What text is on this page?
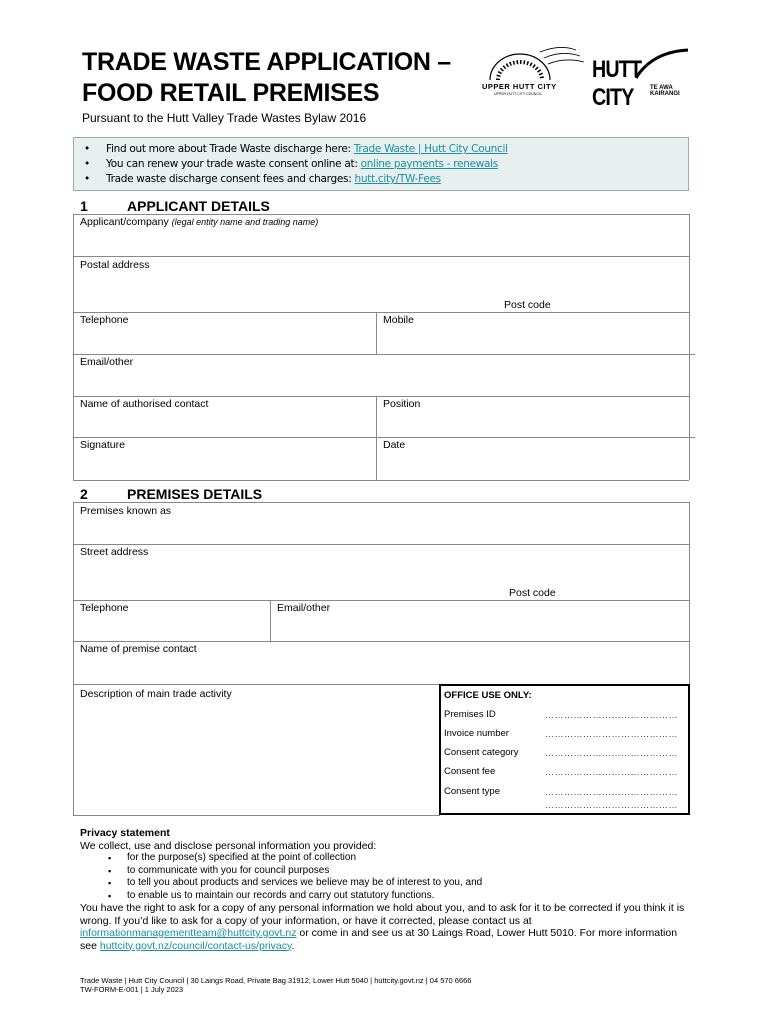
TRADE WASTE APPLICATION –
FOOD RETAIL PREMISES
Pursuant to the Hutt Valley Trade Wastes Bylaw 2016
UPPER HUTT CITY
UPPER HUTT CITY COUNCIL
HUTT CITY	TE AWA KAIRANGI
• Find out more about Trade Waste discharge here: Trade Waste | Hutt City Council
• You can renew your trade waste consent online at: online payments - renewals
• Trade waste discharge consent fees and charges: hutt.city/TW-Fees
1	APPLICANT DETAILS
Applicant/company (legal entity name and trading name)
Postal address
Post code
Telephone	Mobile
Email/other
Name of authorised contact	Position
Signature	Date
2	PREMISES DETAILS
Premises known as
Street address
Post code
Telephone	Email/other
Name of premise contact
Description of main trade activity	OFFICE USE ONLY:
Premises ID	……………………………………
Invoice number	……………………………………
Consent category	……………………………………
Consent fee	……………………………………
Consent type	……………………………………
……………………………………
Privacy statement
We collect, use and disclose personal information you provided:
▪ for the purpose(s) specified at the point of collection
▪ to communicate with you for council purposes
▪ to tell you about products and services we believe may be of interest to you, and
▪ to enable us to maintain our records and carry out statutory functions.
You have the right to ask for a copy of any personal information we hold about you, and to ask for it to be corrected if you think it is wrong. If you’d like to ask for a copy of your information, or have it corrected, please contact us at informationmanagementteam@huttcity.govt.nz or come in and see us at 30 Laings Road, Lower Hutt 5010. For more information see huttcity.govt.nz/council/contact-us/privacy.
Trade Waste | Hutt City Council | 30 Laings Road, Private Bag 31912, Lower Hutt 5040 | huttcity.govt.nz | 04 570 6666
TW-FORM-E-001 | 1 July 2023
